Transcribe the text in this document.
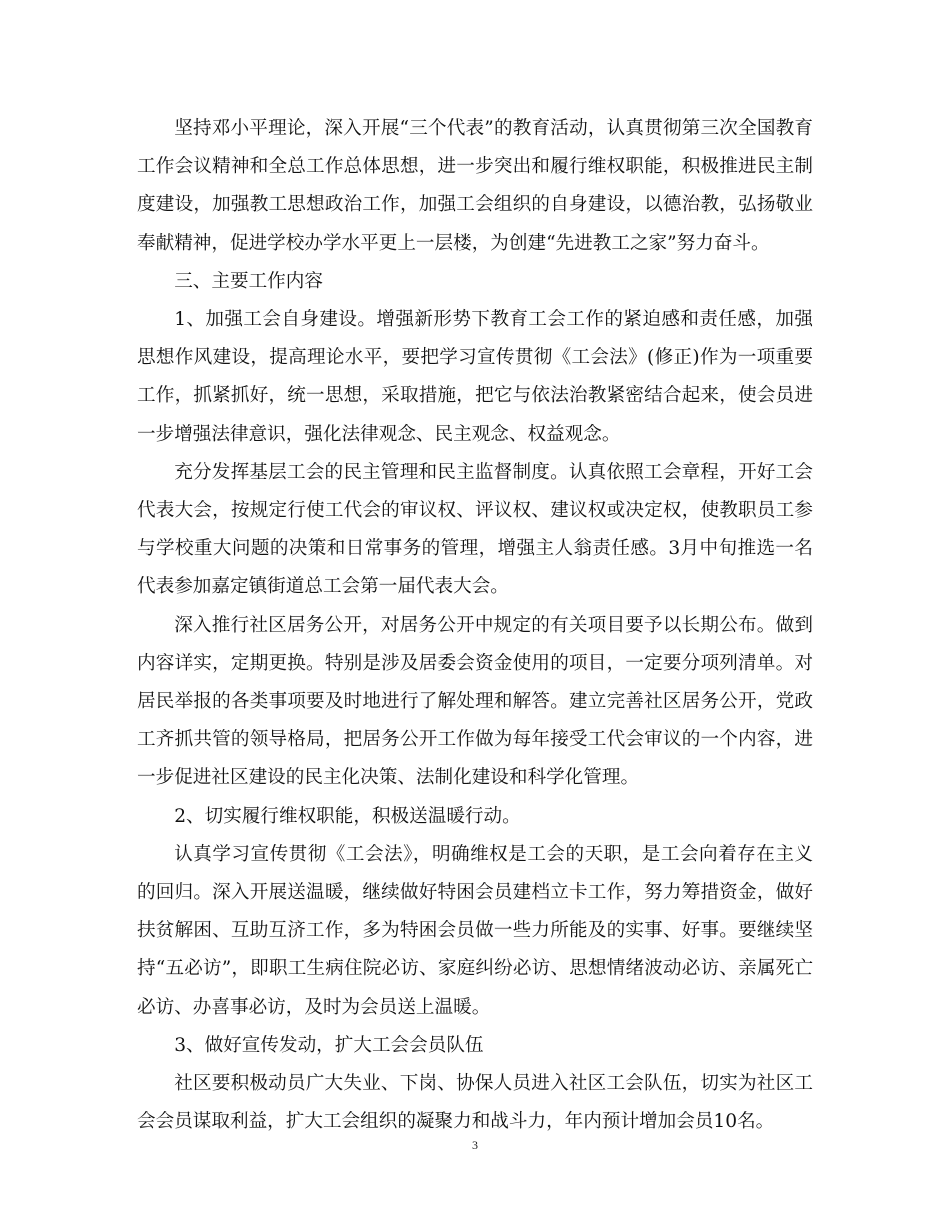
坚持邓小平理论，深入开展“三个代表”的教育活动，认真贯彻第三次全国教育工作会议精神和全总工作总体思想，进一步突出和履行维权职能，积极推进民主制度建设，加强教工思想政治工作，加强工会组织的自身建设，以德治教，弘扬敬业奉献精神，促进学校办学水平更上一层楼，为创建“先进教工之家”努力奋斗。

三、主要工作内容

1、加强工会自身建设。增强新形势下教育工会工作的紧迫感和责任感，加强思想作风建设，提高理论水平，要把学习宣传贯彻《工会法》(修正)作为一项重要工作，抓紧抓好，统一思想，采取措施，把它与依法治教紧密结合起来，使会员进一步增强法律意识，强化法律观念、民主观念、权益观念。

充分发挥基层工会的民主管理和民主监督制度。认真依照工会章程，开好工会代表大会，按规定行使工代会的审议权、评议权、建议权或决定权，使教职员工参与学校重大问题的决策和日常事务的管理，增强主人翁责任感。3月中旬推选一名代表参加嘉定镇街道总工会第一届代表大会。

深入推行社区居务公开，对居务公开中规定的有关项目要予以长期公布。做到内容详实，定期更换。特别是涉及居委会资金使用的项目，一定要分项列清单。对居民举报的各类事项要及时地进行了解处理和解答。建立完善社区居务公开，党政工齐抓共管的领导格局，把居务公开工作做为每年接受工代会审议的一个内容，进一步促进社区建设的民主化决策、法制化建设和科学化管理。

2、切实履行维权职能，积极送温暖行动。

认真学习宣传贯彻《工会法》，明确维权是工会的天职，是工会向着存在主义的回归。深入开展送温暖，继续做好特困会员建档立卡工作，努力筹措资金，做好扶贫解困、互助互济工作，多为特困会员做一些力所能及的实事、好事。要继续坚持“五必访”，即职工生病住院必访、家庭纠纷必访、思想情绪波动必访、亲属死亡必访、办喜事必访，及时为会员送上温暖。

3、做好宣传发动，扩大工会会员队伍

社区要积极动员广大失业、下岗、协保人员进入社区工会队伍，切实为社区工会会员谋取利益，扩大工会组织的凝聚力和战斗力，年内预计增加会员10名。

3
